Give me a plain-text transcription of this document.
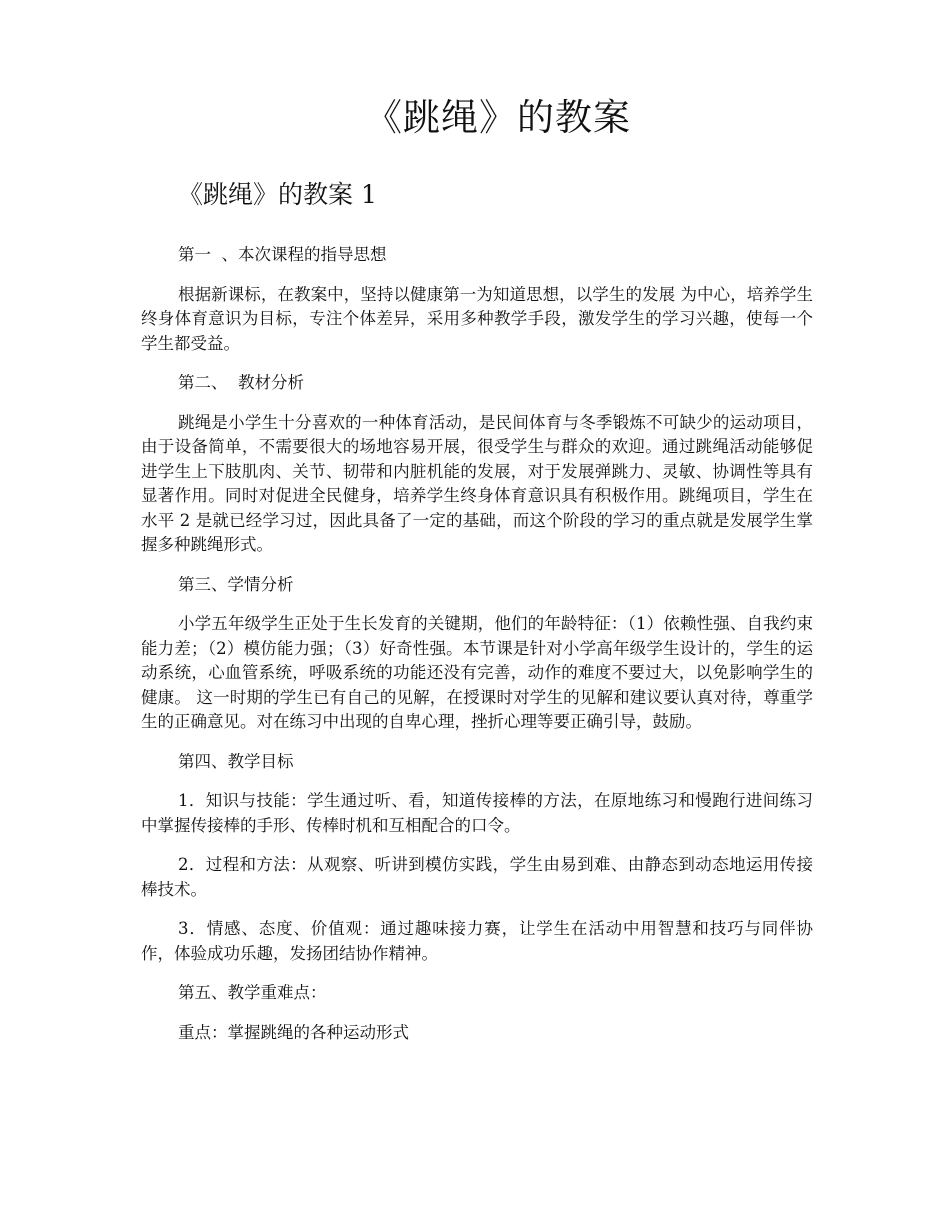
《跳绳》的教案
《跳绳》的教案 1

第一  、本次课程的指导思想

根据新课标，在教案中，坚持以健康第一为知道思想，以学生的发展 为中心，培养学生终身体育意识为目标，专注个体差异，采用多种教学手段，激发学生的学习兴趣，使每一个学生都受益。

第二、  教材分析

跳绳是小学生十分喜欢的一种体育活动，是民间体育与冬季锻炼不可缺少的运动项目，由于设备简单，不需要很大的场地容易开展，很受学生与群众的欢迎。通过跳绳活动能够促进学生上下肢肌肉、关节、韧带和内脏机能的发展，对于发展弹跳力、灵敏、协调性等具有显著作用。同时对促进全民健身，培养学生终身体育意识具有积极作用。跳绳项目，学生在水平 2 是就已经学习过，因此具备了一定的基础，而这个阶段的学习的重点就是发展学生掌握多种跳绳形式。

第三、学情分析

小学五年级学生正处于生长发育的关键期，他们的年龄特征：（1）依赖性强、自我约束能力差；（2）模仿能力强；（3）好奇性强。本节课是针对小学高年级学生设计的，学生的运动系统，心血管系统，呼吸系统的功能还没有完善，动作的难度不要过大，以免影响学生的健康。 这一时期的学生已有自己的见解，在授课时对学生的见解和建议要认真对待，尊重学生的正确意见。对在练习中出现的自卑心理，挫折心理等要正确引导，鼓励。

第四、教学目标

1．知识与技能：学生通过听、看，知道传接棒的方法，在原地练习和慢跑行进间练习中掌握传接棒的手形、传棒时机和互相配合的口令。

2．过程和方法：从观察、听讲到模仿实践，学生由易到难、由静态到动态地运用传接棒技术。

3．情感、态度、价值观：通过趣味接力赛，让学生在活动中用智慧和技巧与同伴协作，体验成功乐趣，发扬团结协作精神。

第五、教学重难点：

重点：掌握跳绳的各种运动形式
